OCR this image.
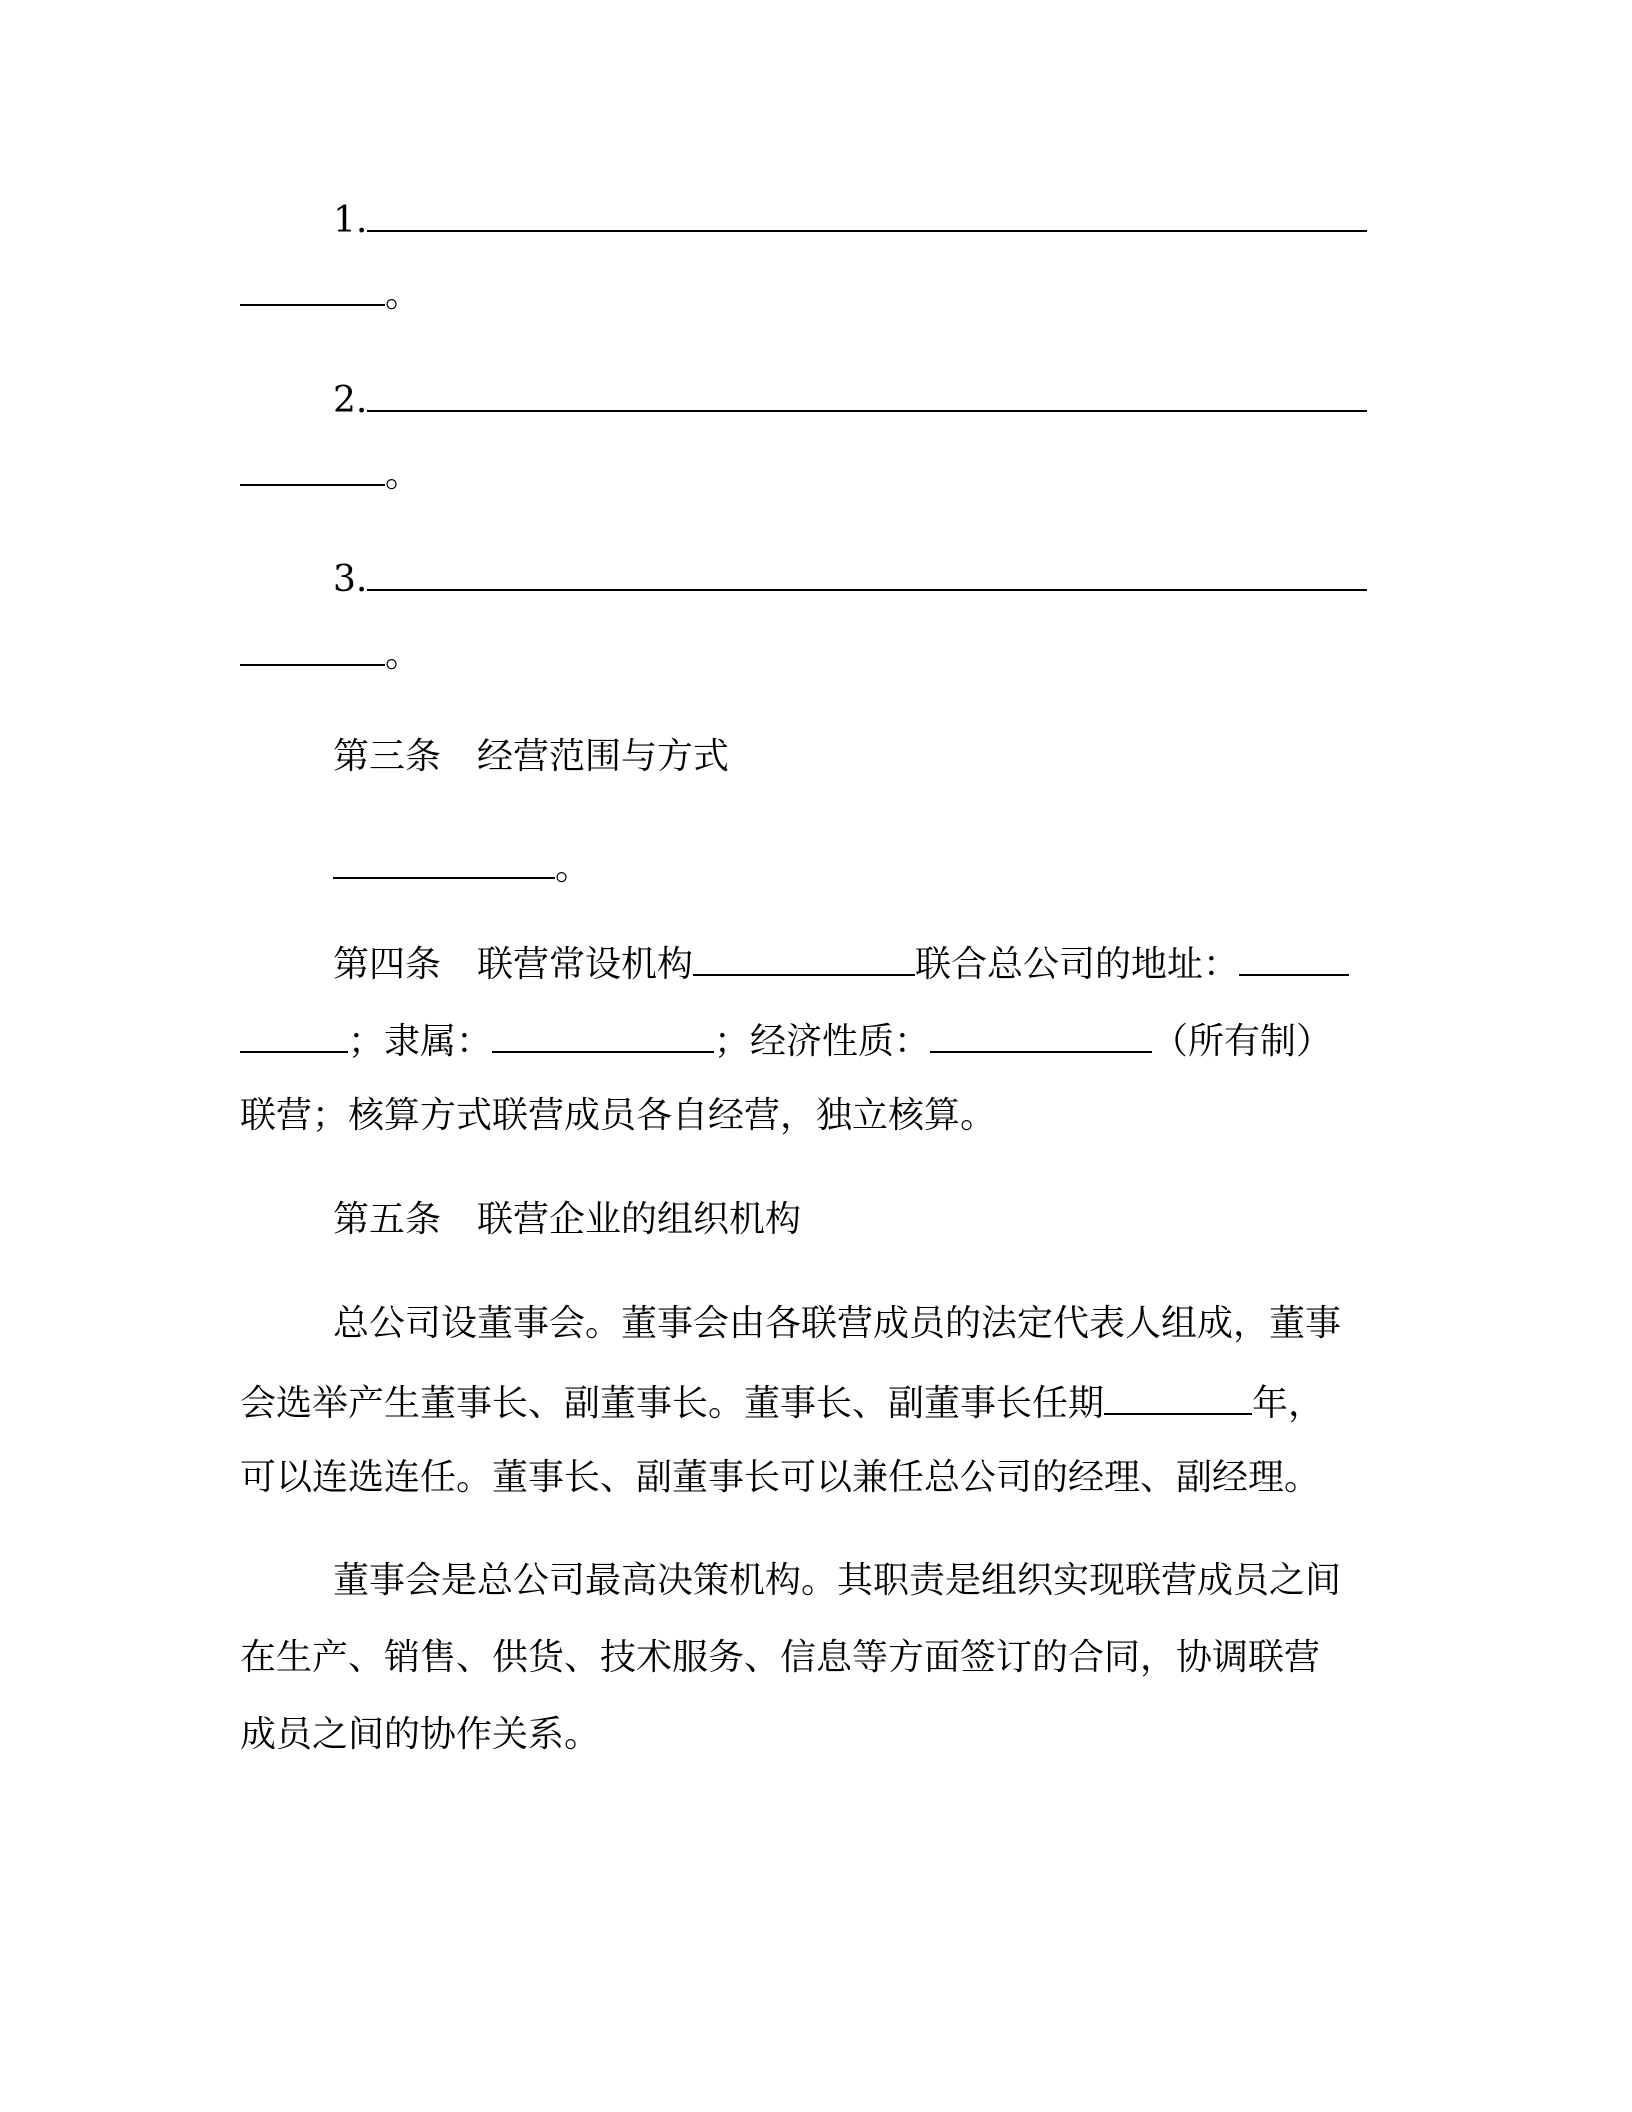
1.
。
2.
。
3.
。
第三条　经营范围与方式
。
第四条　联营常设机构	联合总公司的地址：
；隶属：	；经济性质：	（所有制）
联营；核算方式联营成员各自经营，独立核算。
第五条　联营企业的组织机构
总公司设董事会。董事会由各联营成员的法定代表人组成，董事
会选举产生董事长、副董事长。董事长、副董事长任期	年，
可以连选连任。董事长、副董事长可以兼任总公司的经理、副经理。
董事会是总公司最高决策机构。其职责是组织实现联营成员之间
在生产、销售、供货、技术服务、信息等方面签订的合同，协调联营
成员之间的协作关系。
